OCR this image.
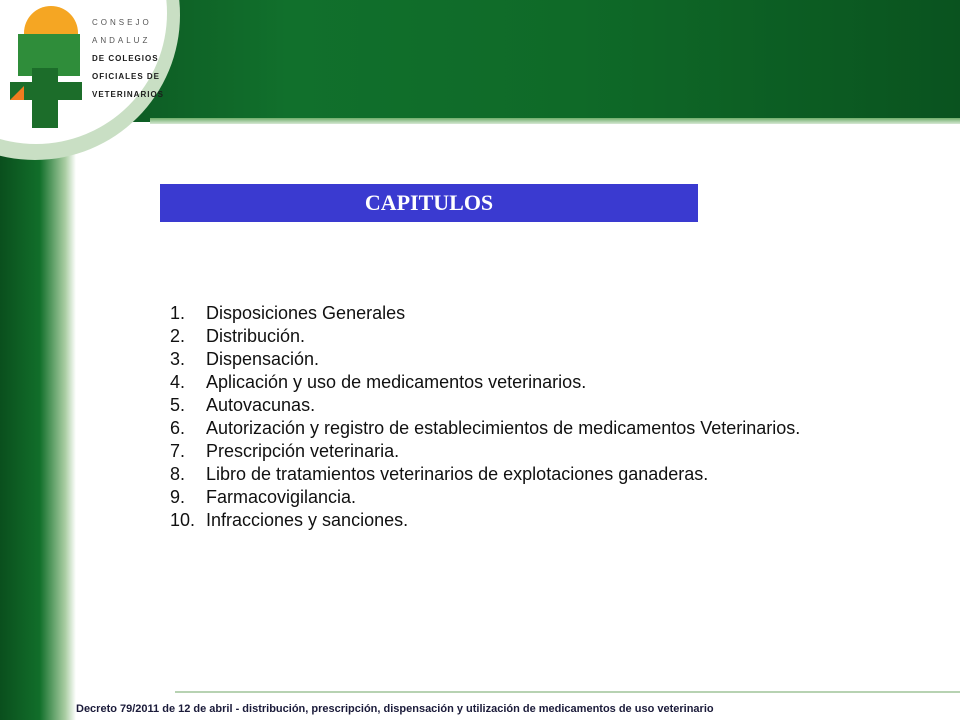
CONSEJO
ANDALUZ
DE COLEGIOS
OFICIALES DE
VETERINARIOS
CAPITULOS
1. Disposiciones Generales
2. Distribución.
3. Dispensación.
4. Aplicación y uso de medicamentos veterinarios.
5. Autovacunas.
6. Autorización y registro de establecimientos de medicamentos Veterinarios.
7. Prescripción veterinaria.
8. Libro de tratamientos veterinarios de explotaciones ganaderas.
9. Farmacovigilancia.
10. Infracciones y sanciones.
Decreto 79/2011 de 12 de abril - distribución, prescripción, dispensación y utilización de medicamentos de uso veterinario
